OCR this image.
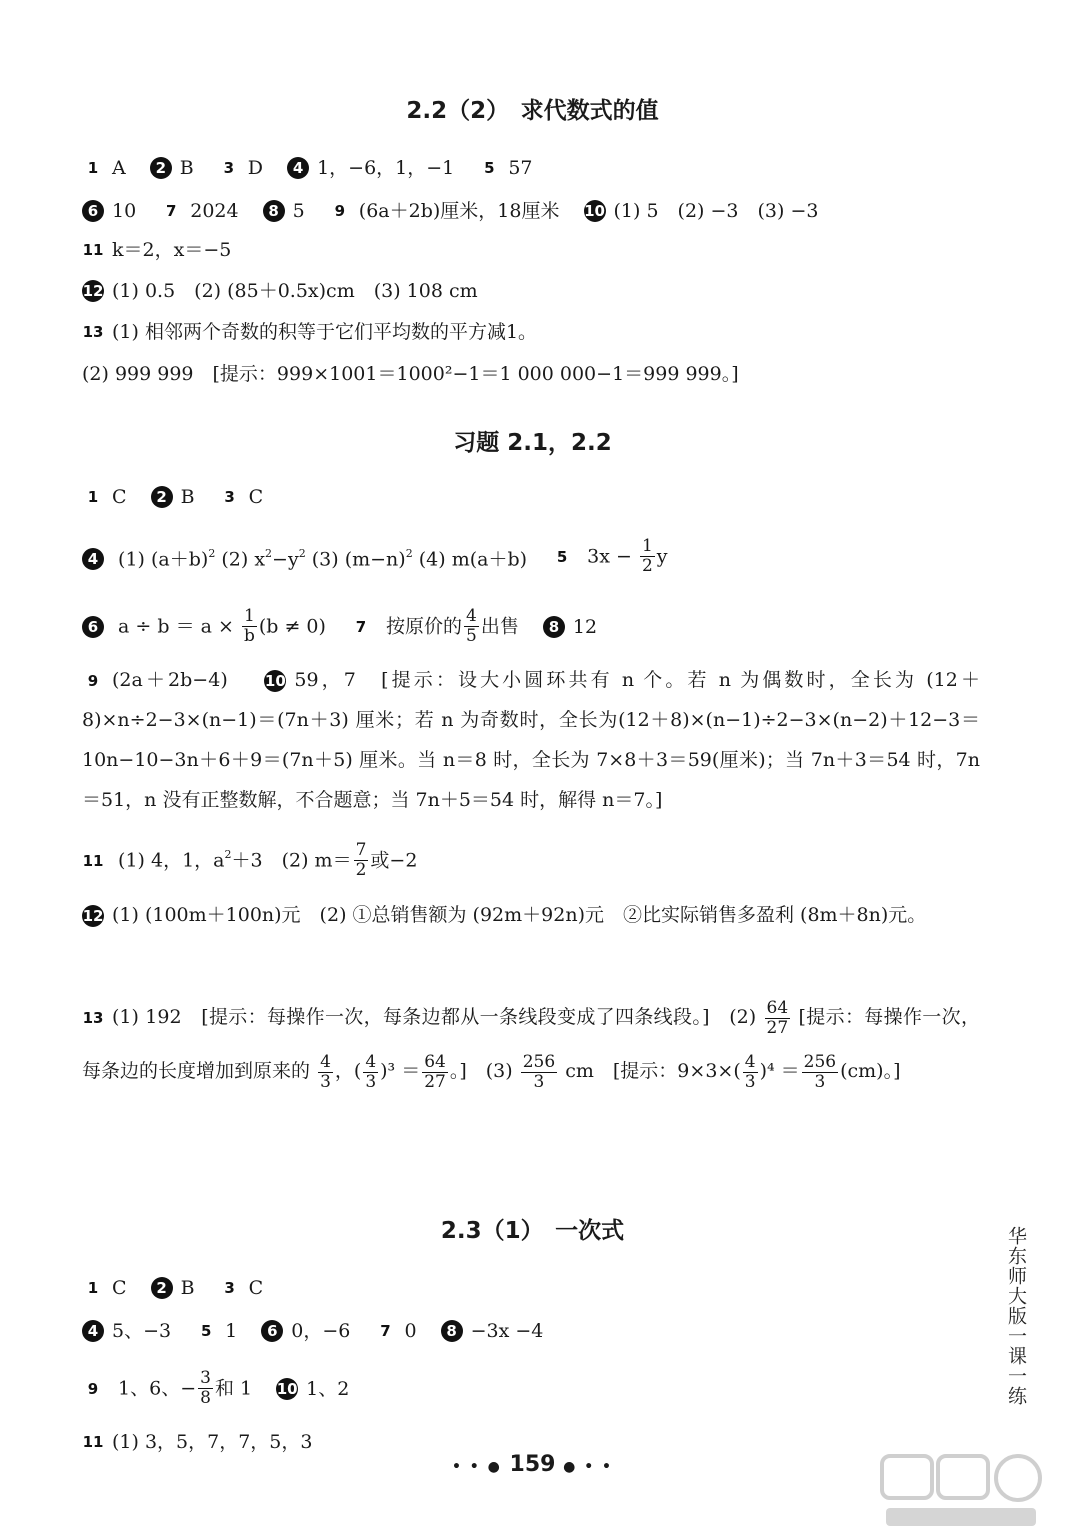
2.2（2）　求代数式的值
1 A 2 B 3 D 4 1，−6，1，−1 5 57
6 10 7 2024 8 5 9 (6a＋2b)厘米，18厘米 10 (1) 5　(2) −3　(3) −3
11 k＝2，x＝−5
12 (1) 0.5　(2) (85＋0.5x)cm　(3) 108 cm
13 (1) 相邻两个奇数的积等于它们平均数的平方减1。
(2) 999 999　[提示：999×1001＝1000²−1＝1 000 000−1＝999 999。]
习题 2.1，2.2
1 C 2 B 3 C
4 (1) $(a+b)^2$ (2) $x^2-y^2$ (3) $(m-n)^2$ (4) m(a＋b) 5 $3x - \frac{1}{2}$ y
6 $a \div b = a \times \frac{1}{b} (b \ne 0)$ 7 按原价的 $\frac{4}{5}$ 出售 8 12
9 (2a＋2b−4) 10 59，7　[提示：设大小圆环共有 n 个。若 n 为偶数时，全长为 (12＋8)×n÷2−3×(n−1)＝(7n＋3) 厘米；若 n 为奇数时，全长为(12＋8)×(n−1)÷2−3×(n−2)＋12−3＝10n−10−3n＋6＋9＝(7n＋5) 厘米。当 n＝8 时，全长为 7×8＋3＝59(厘米)；当 7n＋3＝54 时，7n＝51，n 没有正整数解，不合题意；当 7n＋5＝54 时，解得 n＝7。]
11 (1) 4，1，$a^2+3$　(2) $m= \frac{7}{2}$ 或−2
12 (1) (100m＋100n)元　(2) ①总销售额为 (92m＋92n)元　②比实际销售多盈利 (8m＋8n)元。
13 (1) 192　[提示：每操作一次，每条边都从一条线段变成了四条线段。]　$(2) \frac{64}{27}$ [提示：每操作一次，每条边的长度增加到原来的 $\frac{4}{3}$ ，( $\frac{4}{3} )^3 = \frac{64}{27}$ 。]　$(3) \frac{256}{3}$ cm　[提示：$9\times 3\times( \frac{4}{3} )^4 = \frac{256}{3} (cm)$。]
2.3（1）　一次式
1 C 2 B 3 C
4 5、−3 5 1 6 0，−6 7 0 8 −3x −4
9 1、6、− $\frac{3}{8}$ 和 1 10 1、2
11 (1) 3，5，7，7，5，3
华东师大版一课一练
• • ● 159 ● • •
